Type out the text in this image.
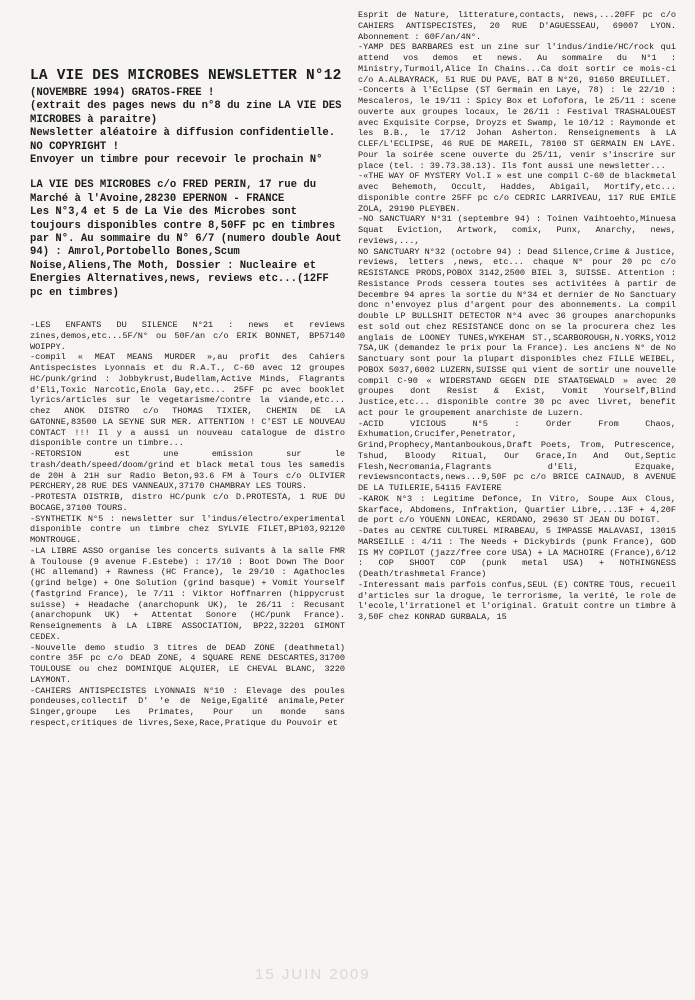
LA VIE DES MICROBES NEWSLETTER N°12

(NOVEMBRE 1994) GRATOS-FREE !

(extrait des pages news du n°8 du zine LA VIE DES MICROBES à paraitre)

Newsletter aléatoire à diffusion confidentielle. NO COPYRIGHT !

Envoyer un timbre pour recevoir le prochain N°

LA VIE DES MICROBES c/o FRED PERIN, 17 rue du Marché à l'Avoine,28230 EPERNON - FRANCE

Les N°3,4 et 5 de La Vie des Microbes sont toujours disponibles contre 8,50FF pc en timbres par N°. Au sommaire du N° 6/7 (numero double Aout 94) : Amrol,Portobello Bones,Scum Noise,Aliens,The Moth, Dossier : Nucleaire et Energies Alternatives,news, reviews etc...(12FF pc en timbres)

-LES ENFANTS DU SILENCE N°21 : news et reviews zines,demos,etc...5F/N° ou 50F/an c/o ERIK BONNET, BP57140 WOIPPY.

-compil « MEAT MEANS MURDER »,au profit des Cahiers Antispecistes Lyonnais et du R.A.T., C-60 avec 12 groupes HC/punk/grind : Jobbykrust,Budellam,Active Minds, Flagrants d'Eli,Toxic Narcotic,Enola Gay,etc... 25FF pc avec booklet lyrics/articles sur le vegetarisme/contre la viande,etc... chez ANOK DISTRO c/o THOMAS TIXIER, CHEMIN DE LA GATONNE,83500 LA SEYNE SUR MER. ATTENTION ! C'EST LE NOUVEAU CONTACT !!! Il y a aussi un nouveau catalogue de distro disponible contre un timbre...

-RETORSION est une emission sur le trash/death/speed/doom/grind et black metal tous les samedis de 20H à 21H sur Radio Beton,93.6 FM à Tours c/o OLIVIER PERCHERY,28 RUE DES VANNEAUX,37170 CHAMBRAY LES TOURS.

-PROTESTA DISTRIB, distro HC/punk c/o D.PROTESTA, 1 RUE DU BOCAGE,37100 TOURS.

-SYNTHETIK N°5 : newsletter sur l'indus/electro/experimental disponible contre un timbre chez SYLVIE FILET,BP103,92120 MONTROUGE.

-LA LIBRE ASSO organise les concerts suivants à la salle FMR à Toulouse (9 avenue F.Estebe) : 17/10 : Boot Down The Door (HC allemand) + Rawness (HC France), le 29/10 : Agathocles (grind belge) + One Solution (grind basque) + Vomit Yourself (fastgrind France), le 7/11 : Viktor Hoffnarren (hippycrust suisse) + Headache (anarchopunk UK), le 26/11 : Recusant (anarchopunk UK) + Attentat Sonore (HC/punk France). Renseignements à LA LIBRE ASSOCIATION, BP22,32201 GIMONT CEDEX.

-Nouvelle demo studio 3 titres de DEAD ZONE (deathmetal) contre 35F pc c/o DEAD ZONE, 4 SQUARE RENE DESCARTES,31700 TOULOUSE ou chez DOMINIQUE ALQUIER, LE CHEVAL BLANC, 3220 LAYMONT.

-CAHIERS ANTISPECISTES LYONNAIS N°10 : Elevage des poules pondeuses,collectif D' 'e de Neige,Egalité animale,Peter Singer,groupe Les Primates, Pour un monde sans respect,critiques de livres,Sexe,Race,Pratique du Pouvoir et

Esprit de Nature, litterature,contacts, news,...20FF pc c/o CAHIERS ANTISPECISTES, 20 RUE D'AGUESSEAU, 69007 LYON. Abonnement : 60F/an/4N°.

-YAMP DES BARBARES est un zine sur l'indus/indie/HC/rock qui attend vos demos et news. Au sommaire du N°1 : Ministry,Turmoil,Alice In Chains...Ca doit sortir ce mois-ci c/o A.ALBAYRACK, 51 RUE DU PAVE, BAT B N°26, 91650 BREUILLET.

-Concerts à l'Eclipse (ST Germain en Laye, 78) : le 22/10 : Mescaleros, le 19/11 : Spicy Box et Lofofora, le 25/11 : scene ouverte aux groupes locaux, le 26/11 : Festival TRASHALOUEST avec Exquisite Corpse, Droyzs et Swamp, le 10/12 : Raymonde et les B.B., le 17/12 Johan Asherton. Renseignements à LA CLEF/L'ECLIPSE, 46 RUE DE MAREIL, 78100 ST GERMAIN EN LAYE. Pour la soirée scene ouverte du 25/11, venir s'inscrire sur place (tel. : 39.73.38.13). Ils font aussi une newsletter...

-«THE WAY OF MYSTERY Vol.I » est une compil C-60 de blackmetal avec Behemoth, Occult, Haddes, Abigail, Mortify,etc... disponible contre 25FF pc c/o CEDRIC LARRIVEAU, 117 RUE EMILE ZOLA, 29190 PLEYBEN.

-NO SANCTUARY N°31 (septembre 94) : Toinen Vaihtoehto,Minuesa Squat Eviction, Artwork, comix, Punx, Anarchy, news, reviews,...,

NO SANCTUARY N°32 (octobre 94) : Dead Silence,Crime & Justice, reviews, letters ,news, etc... chaque N° pour 20 pc c/o RESISTANCE PRODS,POBOX 3142,2500 BIEL 3, SUISSE. Attention : Resistance Prods cessera toutes ses activitées à partir de Decembre 94 apres la sortie du N°34 et dernier de No Sanctuary donc n'envoyez plus d'argent pour des abonnements. La compil double LP BULLSHIT DETECTOR N°4 avec 36 groupes anarchopunks est sold out chez RESISTANCE donc on se la procurera chez les anglais de LOONEY TUNES,WYKEHAM ST.,SCARBOROUGH,N.YORKS,YO12 7SA,UK (demandez le prix pour la France). Les anciens N° de No Sanctuary sont pour la plupart disponibles chez FILLE WEIBEL, POBOX 5037,6002 LUZERN,SUISSE qui vient de sortir une nouvelle compil C-90 « WIDERSTAND GEGEN DIE STAATGEWALD » avec 20 groupes dont Resist & Exist, Vomit Yourself,Blind Justice,etc... disponible contre 30 pc avec livret, benefit act pour le groupement anarchiste de Luzern.

-ACID VICIOUS N°5 : Order From Chaos, Exhumation,Crucifer,Penetrator, Grind,Prophecy,Mantanboukous,Draft Poets, Trom, Putrescence, Tshud, Bloody Ritual, Our Grace,In And Out,Septic Flesh,Necromania,Flagrants d'Eli, Ezquake, reviewsncontacts,news...9,50F pc c/o BRICE CAINAUD, 8 AVENUE DE LA TUILERIE,54115 FAVIERE

-KAROK N°3 : Legitime Defonce, In Vitro, Soupe Aux Clous, Skarface, Abdomens, Infraktion, Quartier Libre,...13F + 4,20F de port c/o YOUENN LONEAC, KERDANO, 29630 ST JEAN DU DOIGT.

-Dates au CENTRE CULTUREL MIRABEAU, 5 IMPASSE MALAVASI, 13015 MARSEILLE : 4/11 : The Needs + Dickybirds (punk France), GOD IS MY COPILOT (jazz/free core USA) + LA MACHOIRE (France),6/12 : COP SHOOT COP (punk metal USA) + NOTHINGNESS (Death/trashmetal France)

-Interessant mais parfois confus,SEUL (E) CONTRE TOUS, recueil d'articles sur la drogue, le terrorisme, la verité, le role de l'ecole,l'irrationel et l'original. Gratuit contre un timbre à 3,50F chez KONRAD GURBALA, 15

15 JUIN 2009
